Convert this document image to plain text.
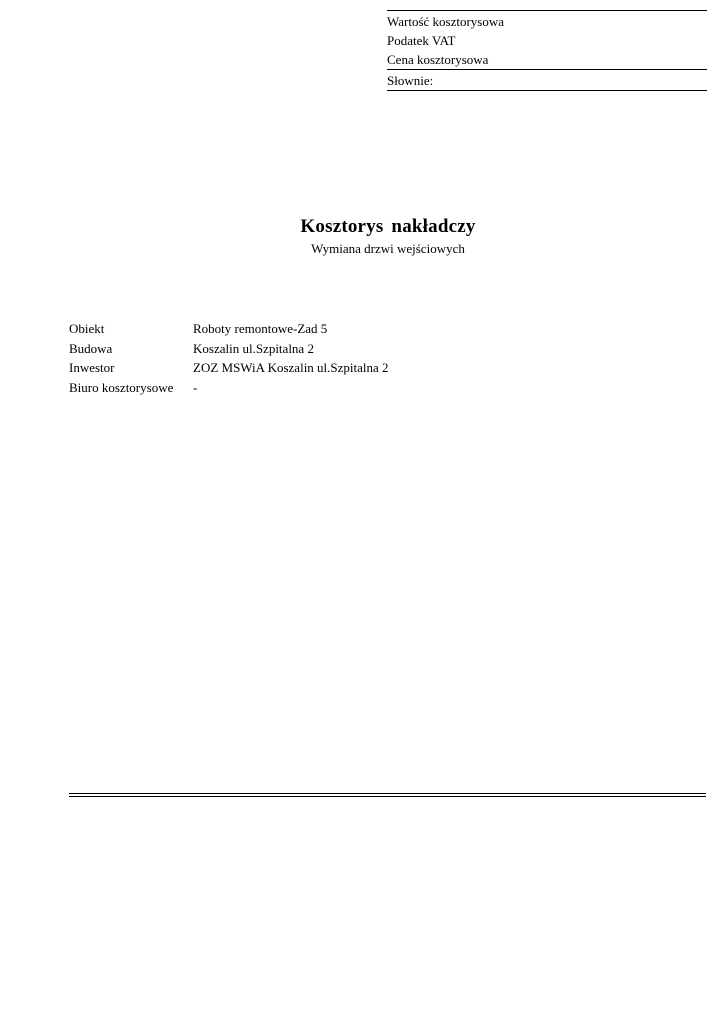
Wartość kosztorysowa
Podatek VAT
Cena kosztorysowa
Słownie:
Kosztorys nakładczy
Wymiana drzwi wejściowych
Obiekt	Roboty remontowe-Zad 5
Budowa	Koszalin ul.Szpitalna 2
Inwestor	ZOZ MSWiA Koszalin ul.Szpitalna 2
Biuro kosztorysowe	-
